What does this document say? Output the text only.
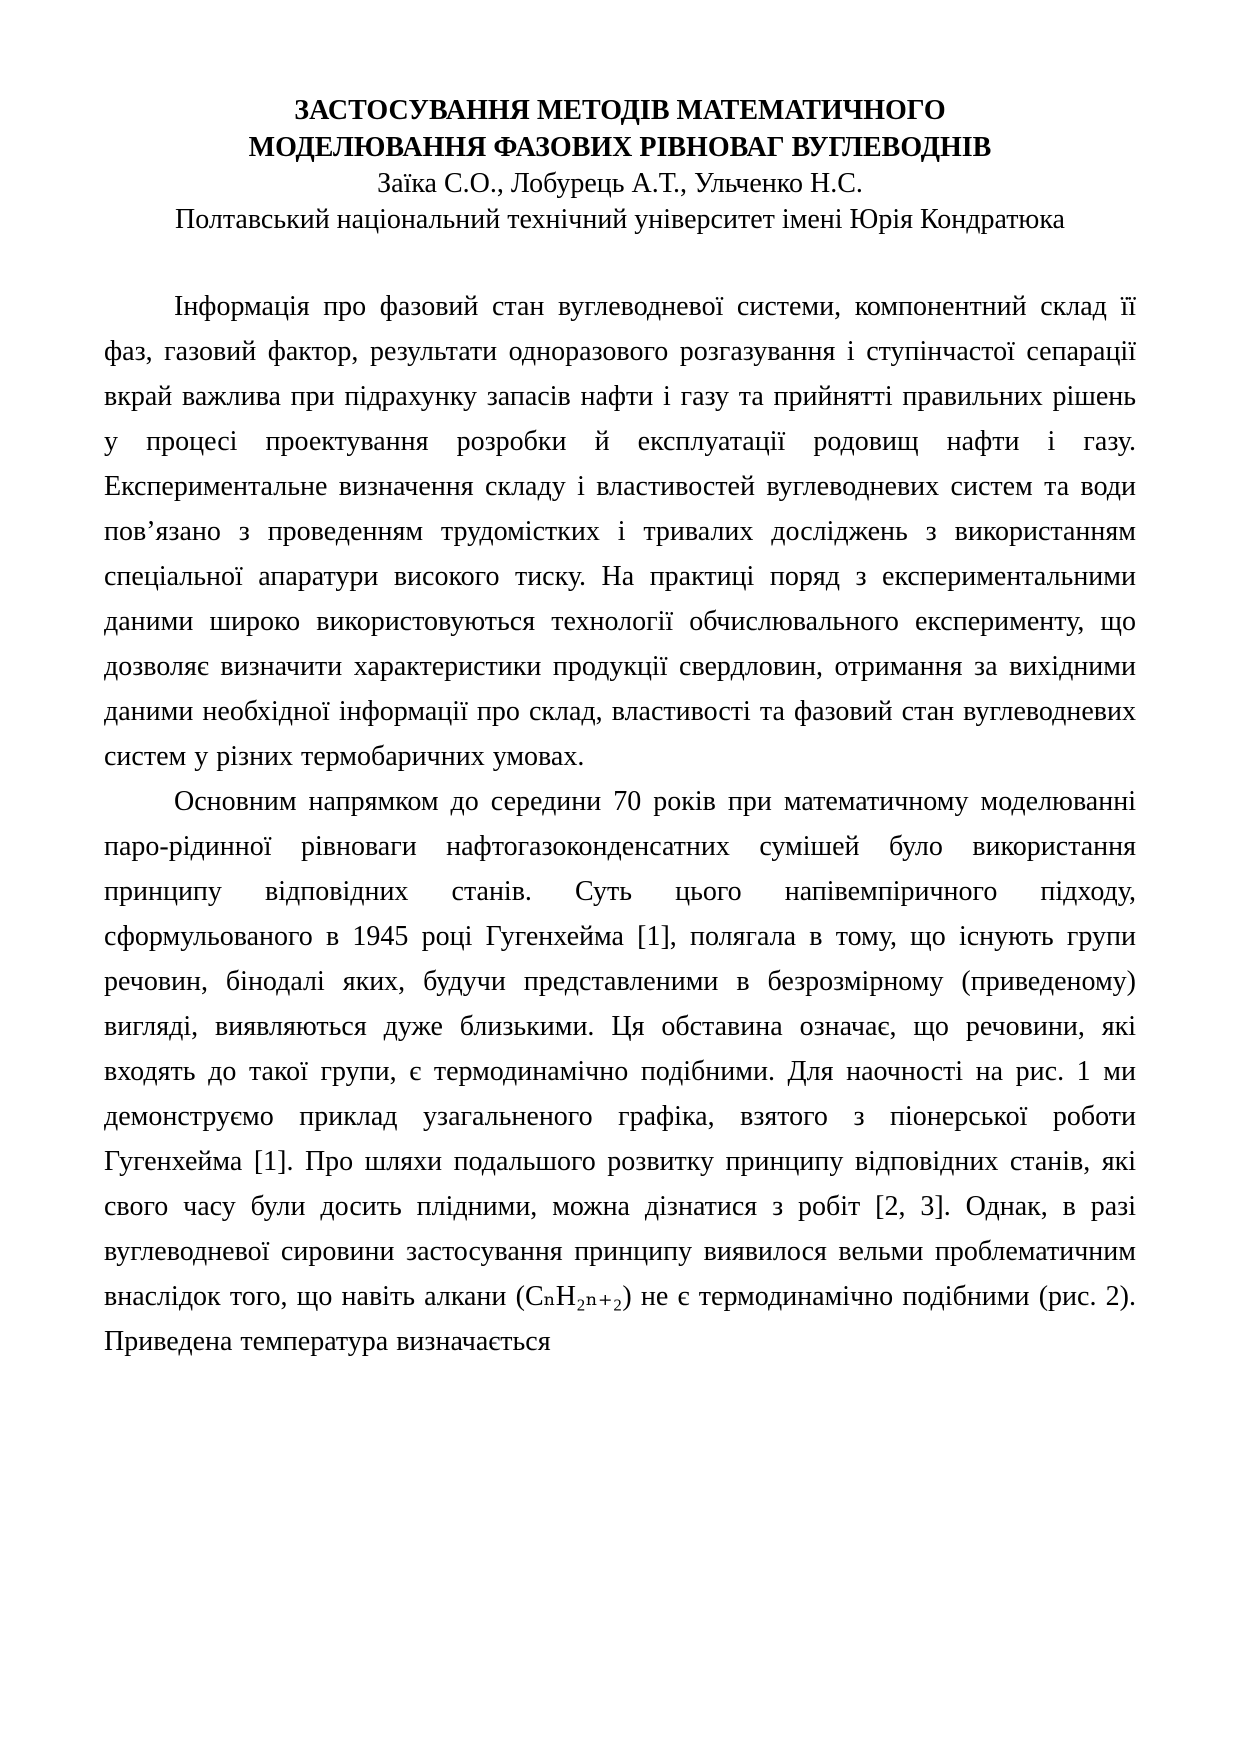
ЗАСТОСУВАННЯ МЕТОДІВ МАТЕМАТИЧНОГО
МОДЕЛЮВАННЯ ФАЗОВИХ РІВНОВАГ ВУГЛЕВОДНІВ
Заїка С.О., Лобурець А.Т., Ульченко Н.С.
Полтавський національний технічний університет імені Юрія Кондратюка

Інформація про фазовий стан вуглеводневої системи, компонентний склад її фаз, газовий фактор, результати одноразового розгазування і ступінчастої сепарації вкрай важлива при підрахунку запасів нафти і газу та прийнятті правильних рішень у процесі проектування розробки й експлуатації родовищ нафти і газу. Експериментальне визначення складу і властивостей вуглеводневих систем та води пов’язано з проведенням трудомістких і тривалих досліджень з використанням спеціальної апаратури високого тиску. На практиці поряд з експериментальними даними широко використовуються технології обчислювального експерименту, що дозволяє визначити характеристики продукції свердловин, отримання за вихідними даними необхідної інформації про склад, властивості та фазовий стан вуглеводневих систем у різних термобаричних умовах.

Основним напрямком до середини 70 років при математичному моделюванні паро-рідинної рівноваги нафтогазоконденсатних сумішей було використання принципу відповідних станів. Суть цього напівемпіричного підходу, сформульованого в 1945 році Гугенхейма [1], полягала в тому, що існують групи речовин, бінодалі яких, будучи представленими в безрозмірному (приведеному) вигляді, виявляються дуже близькими. Ця обставина означає, що речовини, які входять до такої групи, є термодинамічно подібними. Для наочності на рис. 1 ми демонструємо приклад узагальненого графіка, взятого з піонерської роботи Гугенхейма [1]. Про шляхи подальшого розвитку принципу відповідних станів, які свого часу були досить плідними, можна дізнатися з робіт [2, 3]. Однак, в разі вуглеводневої сировини застосування принципу виявилося вельми проблематичним внаслідок того, що навіть алкани (CₙH₂ₙ₊₂) не є термодинамічно подібними (рис. 2). Приведена температура визначається
